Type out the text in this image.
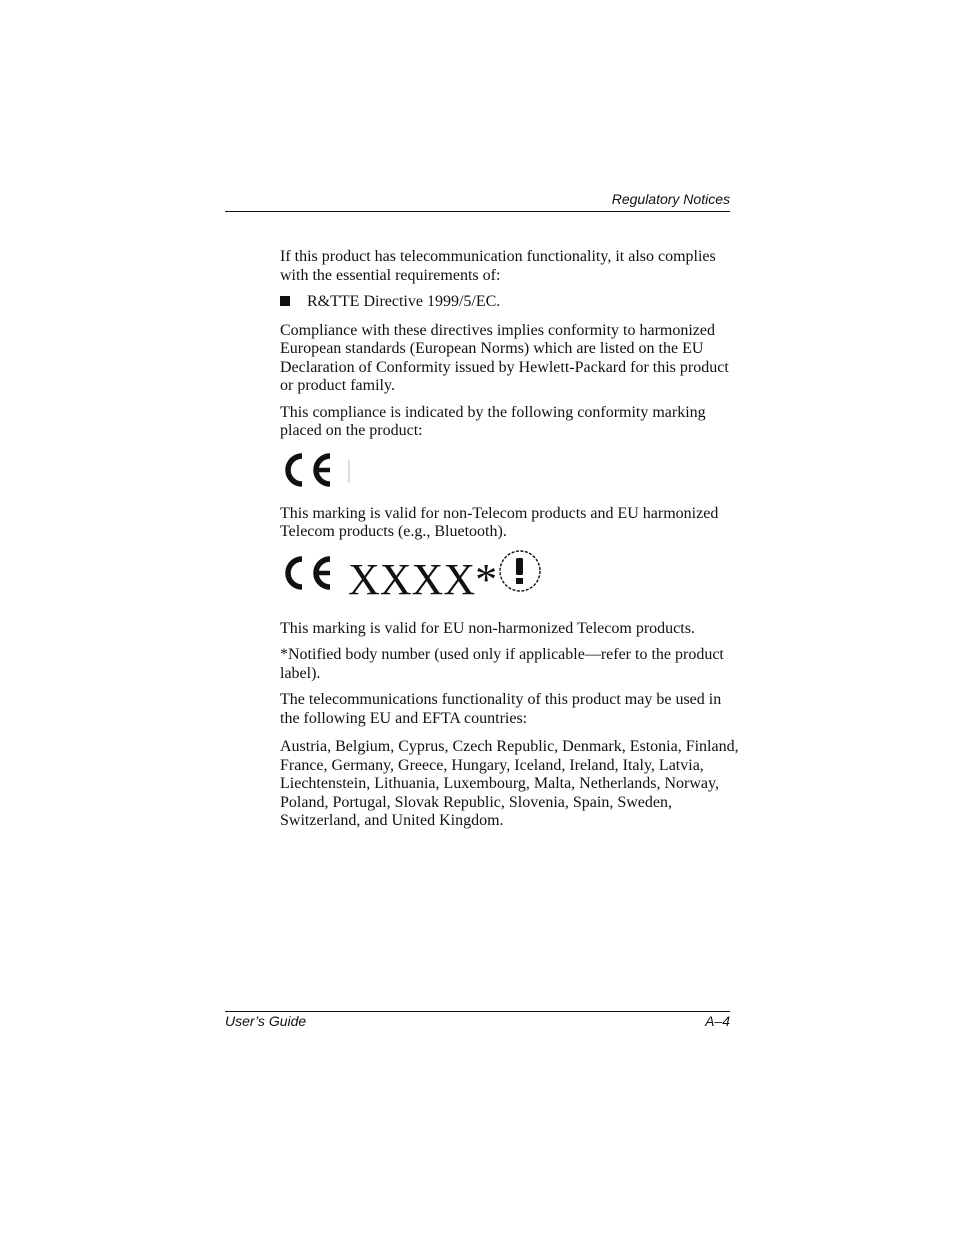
Regulatory Notices

If this product has telecommunication functionality, it also complies with the essential requirements of:

R&TTE Directive 1999/5/EC.

Compliance with these directives implies conformity to harmonized European standards (European Norms) which are listed on the EU Declaration of Conformity issued by Hewlett-Packard for this product or product family.

This compliance is indicated by the following conformity marking placed on the product:

This marking is valid for non-Telecom products and EU harmonized Telecom products (e.g., Bluetooth).

XXXX*

This marking is valid for EU non-harmonized Telecom products.

*Notified body number (used only if applicable—refer to the product label).

The telecommunications functionality of this product may be used in the following EU and EFTA countries:

Austria, Belgium, Cyprus, Czech Republic, Denmark, Estonia, Finland, France, Germany, Greece, Hungary, Iceland, Ireland, Italy, Latvia, Liechtenstein, Lithuania, Luxembourg, Malta, Netherlands, Norway, Poland, Portugal, Slovak Republic, Slovenia, Spain, Sweden, Switzerland, and United Kingdom.

User’s Guide	A–4
